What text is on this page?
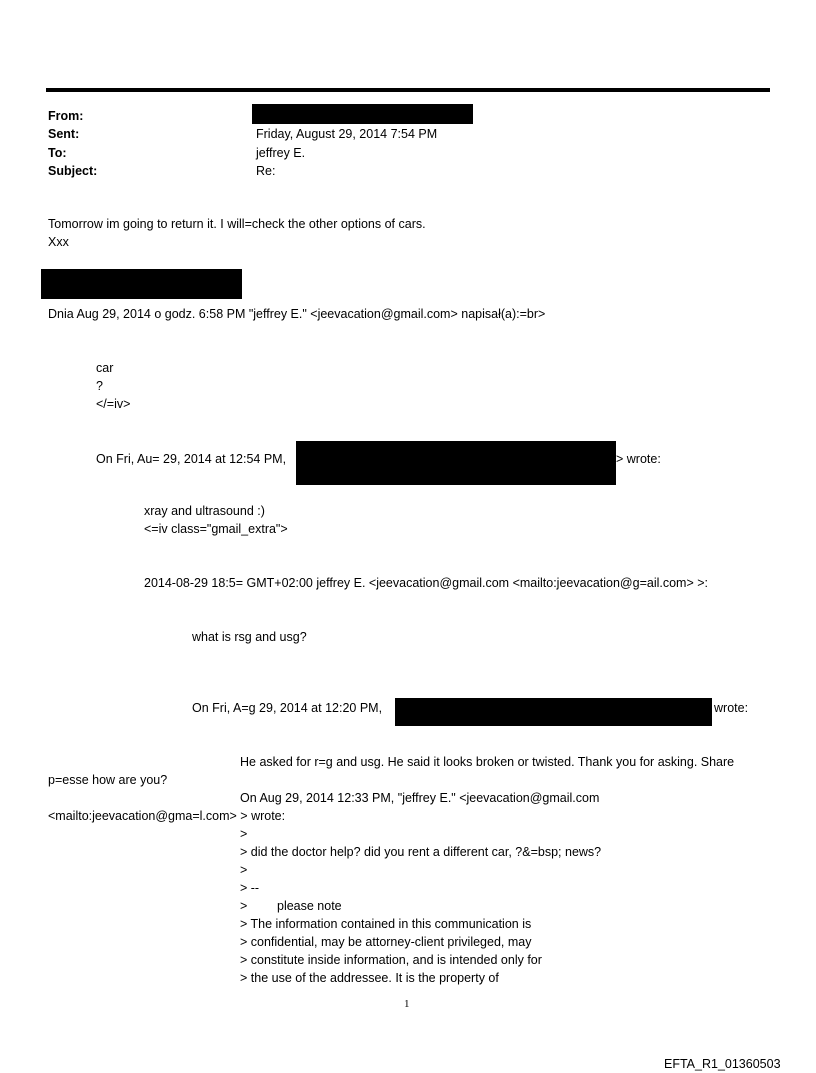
From:
Sent:	Friday, August 29, 2014 7:54 PM
To:	jeffrey E.
Subject:	Re:
Tomorrow im going to return it. I will=check the other options of cars.
Xxx
Dnia Aug 29, 2014 o godz. 6:58 PM "jeffrey E." <jeevacation@gmail.com> napisał(a):=br>
car
?
</=iv>
On Fri, Au= 29, 2014 at 12:54 PM,	> wrote:
xray and ultrasound :)
<=iv class="gmail_extra">
2014-08-29 18:5= GMT+02:00 jeffrey E. <jeevacation@gmail.com <mailto:jeevacation@g=ail.com> >:
what is rsg and usg?
On Fri, A=g 29, 2014 at 12:20 PM,	wrote:
He asked for r=g and usg. He said it looks broken or twisted. Thank you for asking. Share
p=esse how are you?
On Aug 29, 2014 12:33 PM, "jeffrey E." <jeevacation@gmail.com
<mailto:jeevacation@gma=l.com> > wrote:
>
> did the doctor help? did you rent a different car, ?&=bsp; news?
>
> --
> please note
> The information contained in this communication is
> confidential, may be attorney-client privileged, may
> constitute inside information, and is intended only for
> the use of the addressee. It is the property of
1
EFTA_R1_01360503
